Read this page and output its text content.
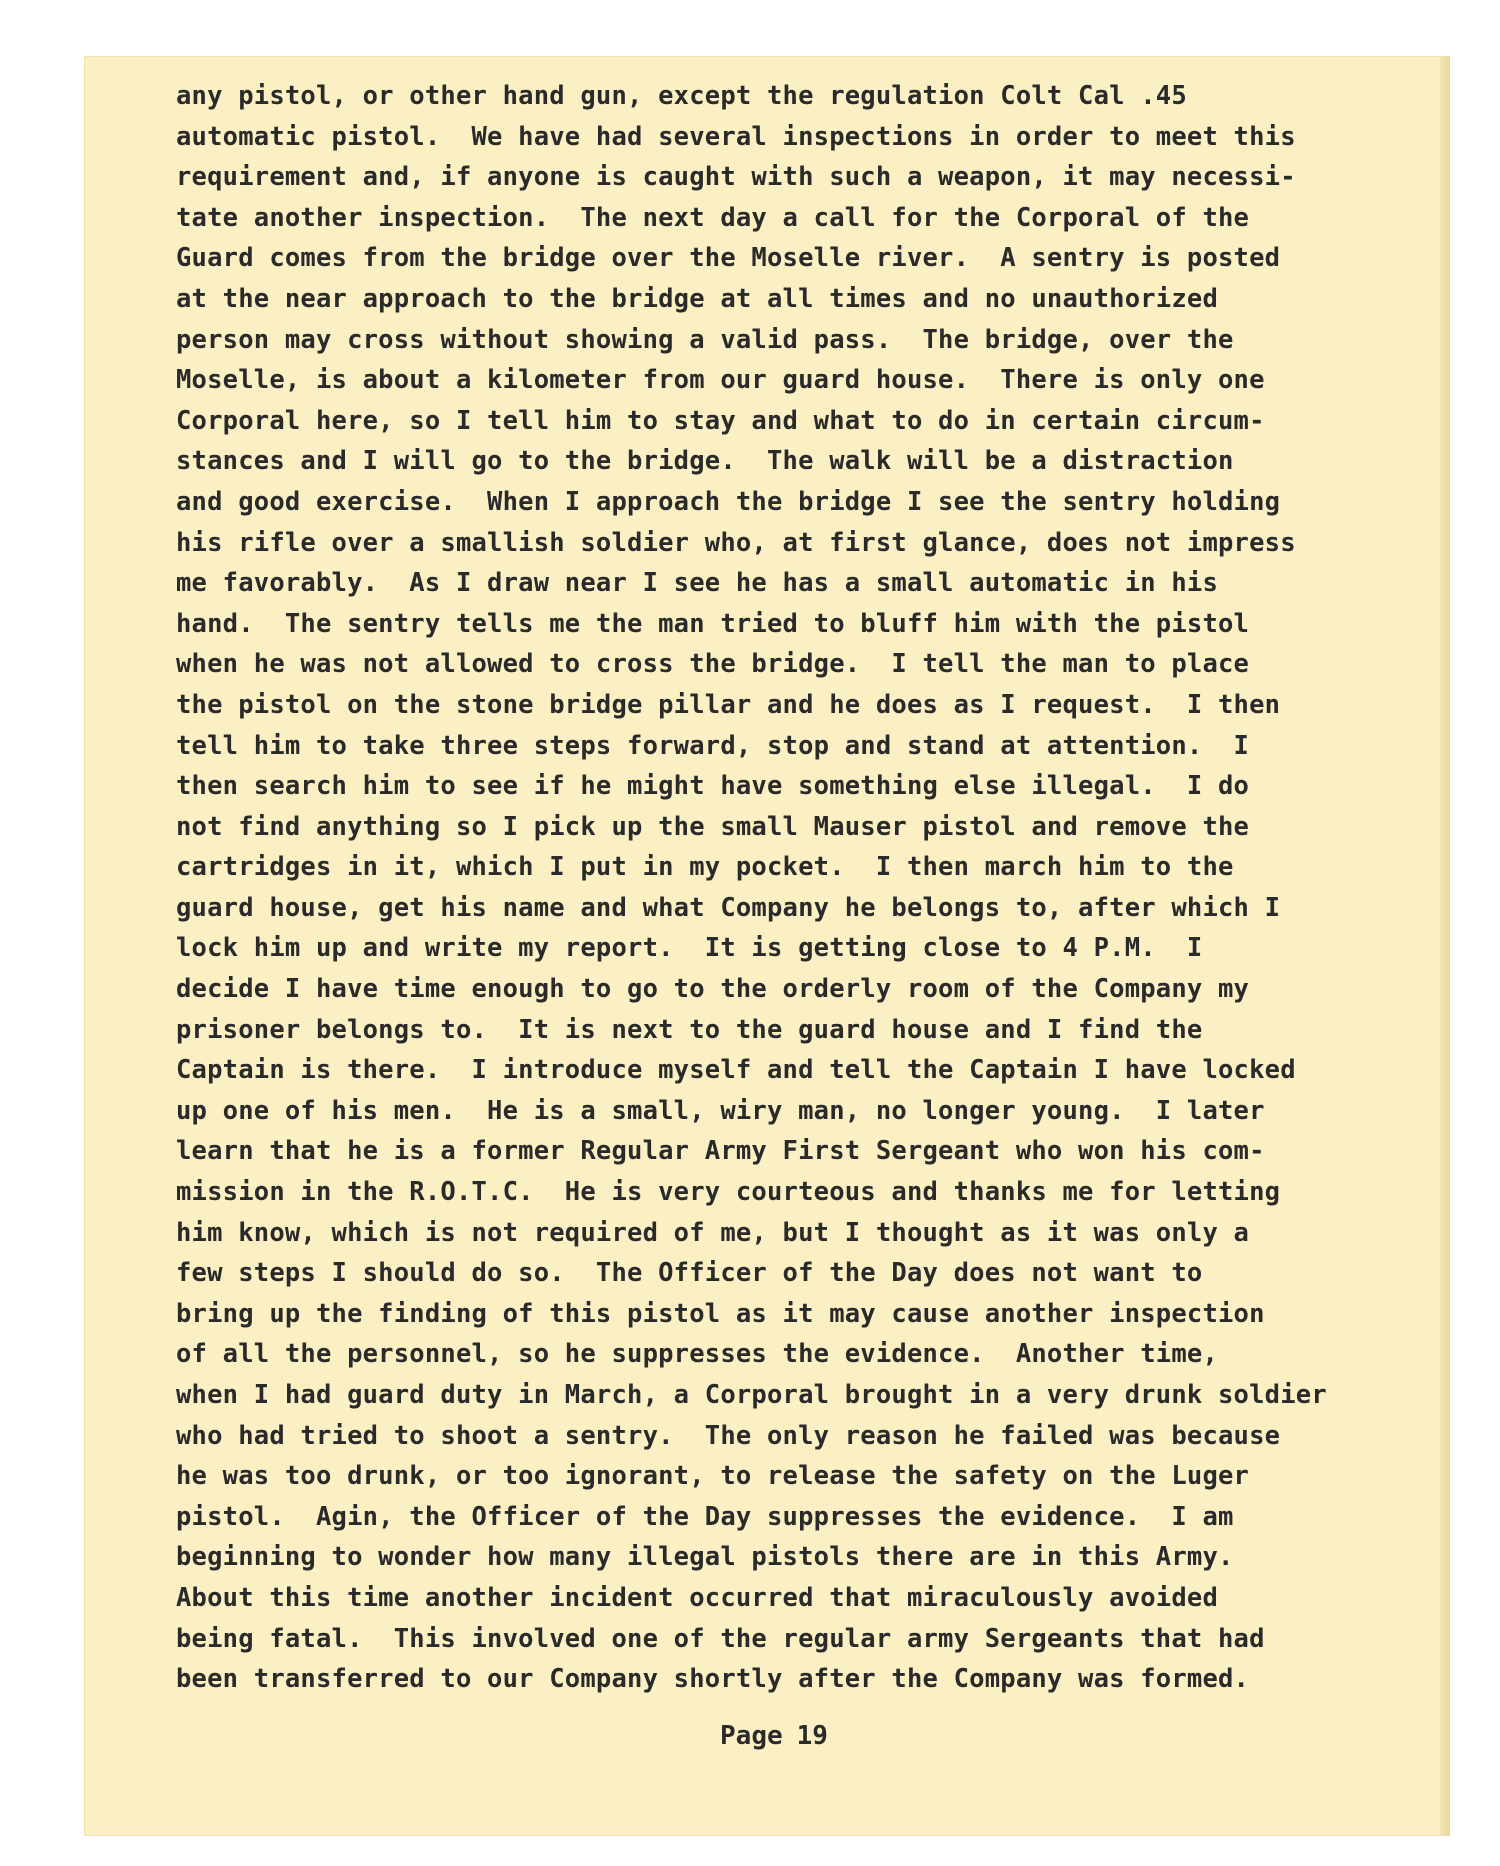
any pistol, or other hand gun, except the regulation Colt Cal .45
automatic pistol.  We have had several inspections in order to meet this
requirement and, if anyone is caught with such a weapon, it may necessi-
tate another inspection.  The next day a call for the Corporal of the
Guard comes from the bridge over the Moselle river.  A sentry is posted
at the near approach to the bridge at all times and no unauthorized
person may cross without showing a valid pass.  The bridge, over the
Moselle, is about a kilometer from our guard house.  There is only one
Corporal here, so I tell him to stay and what to do in certain circum-
stances and I will go to the bridge.  The walk will be a distraction
and good exercise.  When I approach the bridge I see the sentry holding
his rifle over a smallish soldier who, at first glance, does not impress
me favorably.  As I draw near I see he has a small automatic in his
hand.  The sentry tells me the man tried to bluff him with the pistol
when he was not allowed to cross the bridge.  I tell the man to place
the pistol on the stone bridge pillar and he does as I request.  I then
tell him to take three steps forward, stop and stand at attention.  I
then search him to see if he might have something else illegal.  I do
not find anything so I pick up the small Mauser pistol and remove the
cartridges in it, which I put in my pocket.  I then march him to the
guard house, get his name and what Company he belongs to, after which I
lock him up and write my report.  It is getting close to 4 P.M.  I
decide I have time enough to go to the orderly room of the Company my
prisoner belongs to.  It is next to the guard house and I find the
Captain is there.  I introduce myself and tell the Captain I have locked
up one of his men.  He is a small, wiry man, no longer young.  I later
learn that he is a former Regular Army First Sergeant who won his com-
mission in the R.O.T.C.  He is very courteous and thanks me for letting
him know, which is not required of me, but I thought as it was only a
few steps I should do so.  The Officer of the Day does not want to
bring up the finding of this pistol as it may cause another inspection
of all the personnel, so he suppresses the evidence.  Another time,
when I had guard duty in March, a Corporal brought in a very drunk soldier
who had tried to shoot a sentry.  The only reason he failed was because
he was too drunk, or too ignorant, to release the safety on the Luger
pistol.  Agin, the Officer of the Day suppresses the evidence.  I am
beginning to wonder how many illegal pistols there are in this Army.
About this time another incident occurred that miraculously avoided
being fatal.  This involved one of the regular army Sergeants that had
been transferred to our Company shortly after the Company was formed.
Page 19
